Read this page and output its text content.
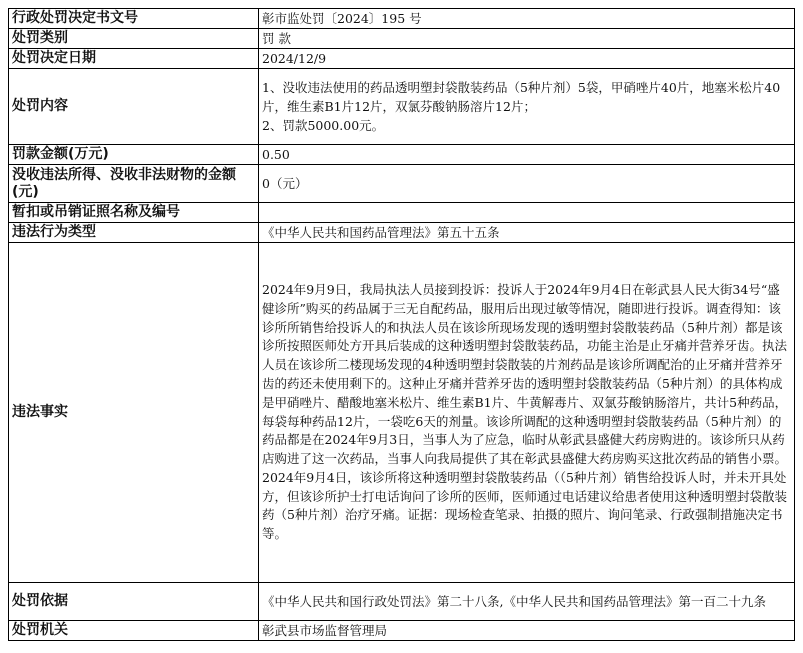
行政处罚决定书文号	彰市监处罚〔2024〕195 号
处罚类别	罚 款
处罚决定日期	2024/12/9
处罚内容	1、没收违法使用的药品透明塑封袋散装药品（5种片剂）5袋，甲硝唑片40片，地塞米松片40片，维生素B1片12片，双氯芬酸钠肠溶片12片；
2、罚款5000.00元。
罚款金额(万元)	0.50
没收违法所得、没收非法财物的金额(元)	0（元）
暂扣或吊销证照名称及编号	
违法行为类型	《中华人民共和国药品管理法》第五十五条
违法事实	2024年9月9日，我局执法人员接到投诉：投诉人于2024年9月4日在彰武县人民大街34号“盛健诊所”购买的药品属于三无自配药品，服用后出现过敏等情况，随即进行投诉。调查得知：该诊所所销售给投诉人的和执法人员在该诊所现场发现的透明塑封袋散装药品（5种片剂）都是该诊所按照医师处方开具后装成的这种透明塑封袋散装药品，功能主治是止牙痛并营养牙齿。执法人员在该诊所二楼现场发现的4种透明塑封袋散装的片剂药品是该诊所调配治的止牙痛并营养牙齿的药还未使用剩下的。这种止牙痛并营养牙齿的透明塑封袋散装药品（5种片剂）的具体构成是甲硝唑片、醋酸地塞米松片、维生素B1片、牛黄解毒片、双氯芬酸钠肠溶片，共计5种药品，每袋每种药品12片，一袋吃6天的剂量。该诊所调配的这种透明塑封袋散装药品（5种片剂）的药品都是在2024年9月3日，当事人为了应急，临时从彰武县盛健大药房购进的。该诊所只从药店购进了这一次药品，当事人向我局提供了其在彰武县盛健大药房购买这批次药品的销售小票。2024年9月4日，该诊所将这种透明塑封袋散装药品（（5种片剂）销售给投诉人时，并未开具处方，但该诊所护士打电话询问了诊所的医师，医师通过电话建议给患者使用这种透明塑封袋散装药（5种片剂）治疗牙痛。证据：现场检查笔录、拍摄的照片、询问笔录、行政强制措施决定书等。
处罚依据	《中华人民共和国行政处罚法》第二十八条,《中华人民共和国药品管理法》第一百二十九条
处罚机关	彰武县市场监督管理局
